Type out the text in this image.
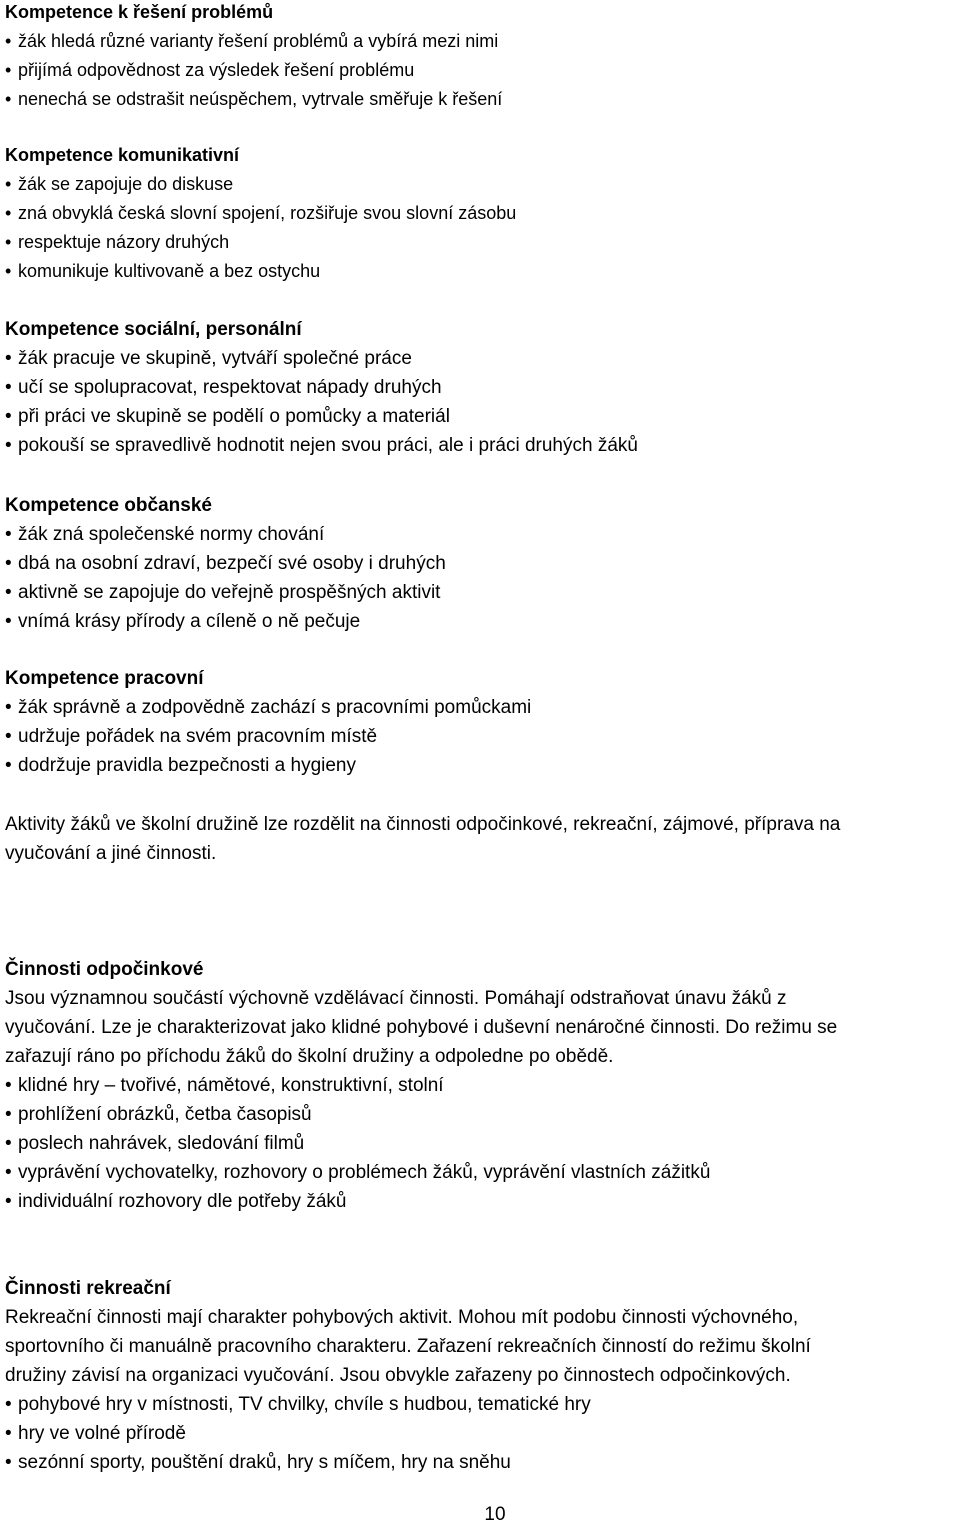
Kompetence k řešení problémů
• žák hledá různé varianty řešení problémů a vybírá mezi nimi
• přijímá odpovědnost za výsledek řešení problému
• nenechá se odstrašit neúspěchem, vytrvale směřuje k řešení
Kompetence komunikativní
• žák se zapojuje do diskuse
• zná obvyklá česká slovní spojení, rozšiřuje svou slovní zásobu
• respektuje názory druhých
• komunikuje kultivovaně a bez ostychu
Kompetence sociální, personální
• žák pracuje ve skupině, vytváří společné práce
• učí se spolupracovat, respektovat nápady druhých
• při práci ve skupině se podělí o pomůcky a materiál
• pokouší se spravedlivě hodnotit nejen svou práci, ale i práci druhých žáků
Kompetence občanské
• žák zná společenské normy chování
• dbá na osobní zdraví, bezpečí své osoby i druhých
• aktivně se zapojuje do veřejně prospěšných aktivit
• vnímá krásy přírody a cíleně o ně pečuje
Kompetence pracovní
• žák správně a zodpovědně zachází s pracovními pomůckami
• udržuje pořádek na svém pracovním místě
• dodržuje pravidla bezpečnosti a hygieny
Aktivity žáků ve školní družině lze rozdělit na činnosti odpočinkové, rekreační, zájmové, příprava na
vyučování a jiné činnosti.
Činnosti odpočinkové
Jsou významnou součástí výchovně vzdělávací činnosti. Pomáhají odstraňovat únavu žáků z
vyučování. Lze je charakterizovat jako klidné pohybové i duševní nenáročné činnosti. Do režimu se
zařazují ráno po příchodu žáků do školní družiny a odpoledne po obědě.
• klidné hry – tvořivé, námětové, konstruktivní, stolní
• prohlížení obrázků, četba časopisů
• poslech nahrávek, sledování filmů
• vyprávění vychovatelky, rozhovory o problémech žáků, vyprávění vlastních zážitků
• individuální rozhovory dle potřeby žáků
Činnosti rekreační
Rekreační činnosti mají charakter pohybových aktivit. Mohou mít podobu činnosti výchovného,
sportovního či manuálně pracovního charakteru. Zařazení rekreačních činností do režimu školní
družiny závisí na organizaci vyučování. Jsou obvykle zařazeny po činnostech odpočinkových.
• pohybové hry v místnosti, TV chvilky, chvíle s hudbou, tematické hry
• hry ve volné přírodě
• sezónní sporty, pouštění draků, hry s míčem, hry na sněhu
10
